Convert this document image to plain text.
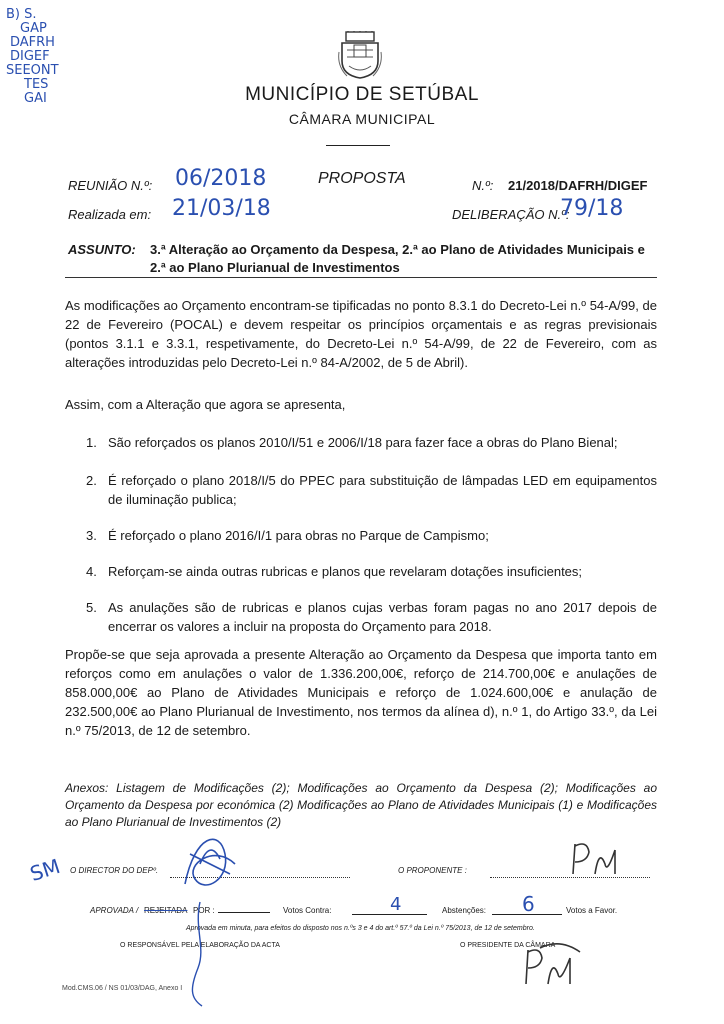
B) S.
GAP
DAFRH
DIGEF
SEEONT
TES
GAI	MUNICÍPIO DE SETÚBAL
CÂMARA MUNICIPAL
REUNIÃO N.º: 06/2018	PROPOSTA	N.º: 21/2018/DAFRH/DIGEF
Realizada em: 21/03/18	DELIBERAÇÃO N.º:
79/18
ASSUNTO: 3.ª Alteração ao Orçamento da Despesa, 2.ª ao Plano de Atividades Municipais e
2.ª ao Plano Plurianual de Investimentos
As modificações ao Orçamento encontram-se tipificadas no ponto 8.3.1 do Decreto-Lei n.º 54-A/99, de 22 de Fevereiro (POCAL) e devem respeitar os princípios orçamentais e as regras previsionais (pontos 3.1.1 e 3.3.1, respetivamente, do Decreto-Lei n.º 54-A/99, de 22 de Fevereiro, com as alterações introduzidas pelo Decreto-Lei n.º 84-A/2002, de 5 de Abril).
Assim, com a Alteração que agora se apresenta,
1. São reforçados os planos 2010/I/51 e 2006/I/18 para fazer face a obras do Plano Bienal;
2. É reforçado o plano 2018/I/5 do PPEC para substituição de lâmpadas LED em equipamentos de iluminação publica;
3. É reforçado o plano 2016/I/1 para obras no Parque de Campismo;
4. Reforçam-se ainda outras rubricas e planos que revelaram dotações insuficientes;
5. As anulações são de rubricas e planos cujas verbas foram pagas no ano 2017 depois de encerrar os valores a incluir na proposta do Orçamento para 2018.
Propõe-se que seja aprovada a presente Alteração ao Orçamento da Despesa que importa tanto em reforços como em anulações o valor de 1.336.200,00€, reforço de 214.700,00€ e anulações de 858.000,00€ ao Plano de Atividades Municipais e reforço de 1.024.600,00€ e anulação de 232.500,00€ ao Plano Plurianual de Investimento, nos termos da alínea d), n.º 1, do Artigo 33.º, da Lei n.º 75/2013, de 12 de setembro.
Anexos: Listagem de Modificações (2); Modificações ao Orçamento da Despesa (2); Modificações ao Orçamento da Despesa por económica (2) Modificações ao Plano de Atividades Municipais (1) e Modificações ao Plano Plurianual de Investimentos (2)
SM O DIRECTOR DO DEPº.	O PROPONENTE :
APROVADA / REJEITADA POR :	Votos Contra:	4	Abstenções: 6	Votos a Favor.
Aprovada em minuta, para efeitos do disposto nos n.ºs 3 e 4 do art.º 57.º da Lei n.º 75/2013, de 12 de setembro.
O RESPONSÁVEL PELA ELABORAÇÃO DA ACTA	O PRESIDENTE DA CÂMARA
Mod.CMS.06 / NS 01/03/DAG, Anexo I
